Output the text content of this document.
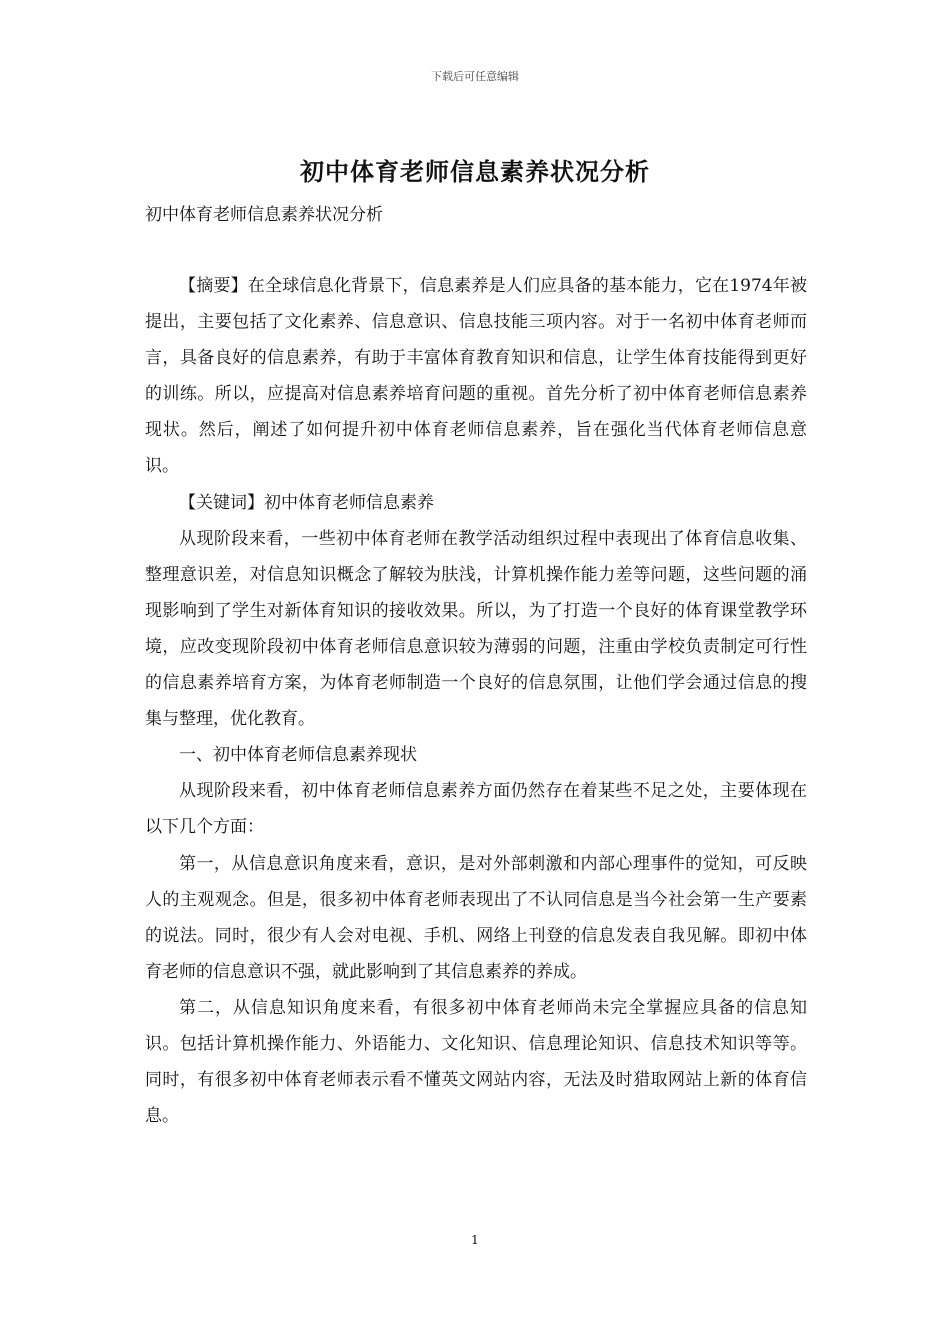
下载后可任意编辑
初中体育老师信息素养状况分析

初中体育老师信息素养状况分析

【摘要】在全球信息化背景下，信息素养是人们应具备的基本能力，它在1974年被提出，主要包括了文化素养、信息意识、信息技能三项内容。对于一名初中体育老师而言，具备良好的信息素养，有助于丰富体育教育知识和信息，让学生体育技能得到更好的训练。所以，应提高对信息素养培育问题的重视。首先分析了初中体育老师信息素养现状。然后，阐述了如何提升初中体育老师信息素养，旨在强化当代体育老师信息意识。

【关键词】初中体育老师信息素养

从现阶段来看，一些初中体育老师在教学活动组织过程中表现出了体育信息收集、整理意识差，对信息知识概念了解较为肤浅，计算机操作能力差等问题，这些问题的涌现影响到了学生对新体育知识的接收效果。所以，为了打造一个良好的体育课堂教学环境，应改变现阶段初中体育老师信息意识较为薄弱的问题，注重由学校负责制定可行性的信息素养培育方案，为体育老师制造一个良好的信息氛围，让他们学会通过信息的搜集与整理，优化教育。

一、初中体育老师信息素养现状

从现阶段来看，初中体育老师信息素养方面仍然存在着某些不足之处，主要体现在以下几个方面：

第一，从信息意识角度来看，意识，是对外部刺激和内部心理事件的觉知，可反映人的主观观念。但是，很多初中体育老师表现出了不认同信息是当今社会第一生产要素的说法。同时，很少有人会对电视、手机、网络上刊登的信息发表自我见解。即初中体育老师的信息意识不强，就此影响到了其信息素养的养成。

第二，从信息知识角度来看，有很多初中体育老师尚未完全掌握应具备的信息知识。包括计算机操作能力、外语能力、文化知识、信息理论知识、信息技术知识等等。同时，有很多初中体育老师表示看不懂英文网站内容，无法及时猎取网站上新的体育信息。

1
